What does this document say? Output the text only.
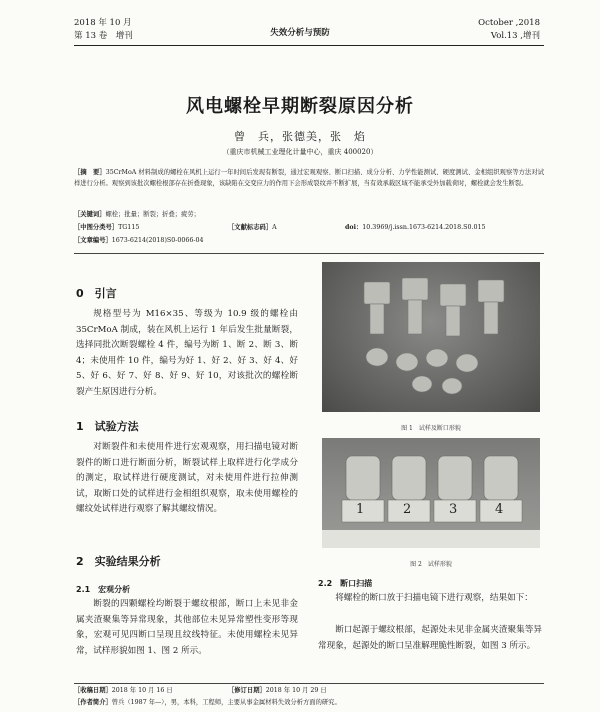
2018 年 10 月
第 13 卷　增刊	失效分析与预防
October ,2018
Vol.13 ,增刊
风电螺栓早期断裂原因分析
曾　兵，张德美，张　焰
（重庆市机械工业理化计量中心，重庆 400020）
［摘　要］35CrMoA 材料制成的螺栓在风机上运行一年时间后发现有断裂，通过宏观观察、断口扫描、成分分析、力学性能测试、硬度测试、金相组织观察等方法对试样进行分析。观察到该批次螺栓根部存在折叠现象，该缺陷在交变应力的作用下会形成裂纹并不断扩展，当有效承载区域不能承受外加载荷时，螺栓就会发生断裂。
［关键词］螺栓；批量；断裂；折叠；疲劳；
［中图分类号］TG115	［文献标志码］A	doi：10.3969/j.issn.1673-6214.2018.S0.015
［文章编号］1673-6214(2018)S0-0066-04
0　引言

规格型号为 M16×35、等级为 10.9 级的螺栓由 35CrMoA 制成，装在风机上运行 1 年后发生批量断裂，选择同批次断裂螺栓 4 件，编号为断 1、断 2、断 3、断 4；未使用件 10 件，编号为好 1、好 2、好 3、好 4、好 5、好 6、好 7、好 8、好 9、好 10，对该批次的螺栓断裂产生原因进行分析。

1　试验方法

对断裂件和未使用件进行宏观观察，用扫描电镜对断裂件的断口进行断面分析，断裂试样上取样进行化学成分的测定，取试样进行硬度测试，对未使用件进行拉伸测试，取断口处的试样进行金相组织观察，取未使用螺栓的螺纹处试样进行观察了解其螺纹情况。

2　实验结果分析
2.1　宏观分析

断裂的四颗螺栓均断裂于螺纹根部，断口上未见非金属夹渣聚集等异常现象，其他部位未见异常塑性变形等现象，宏观可见四断口呈现且纹线特征。未使用螺栓未见异常，试样形貌如图 1、图 2 所示。

图 1　试样及断口形貌
1	2	3	4
图 2　试样形貌
2.2　断口扫描

将螺栓的断口放于扫描电镜下进行观察，结果如下：

断口起源于螺纹根部，起源处未见非金属夹渣聚集等异常现象，起源处的断口呈准解理脆性断裂，如图 3 所示。

［收稿日期］2018 年 10 月 16 日	［修订日期］2018 年 10 月 29 日
［作者简介］曾兵（1987 年—），男，本科，工程师，主要从事金属材料失效分析方面的研究。
